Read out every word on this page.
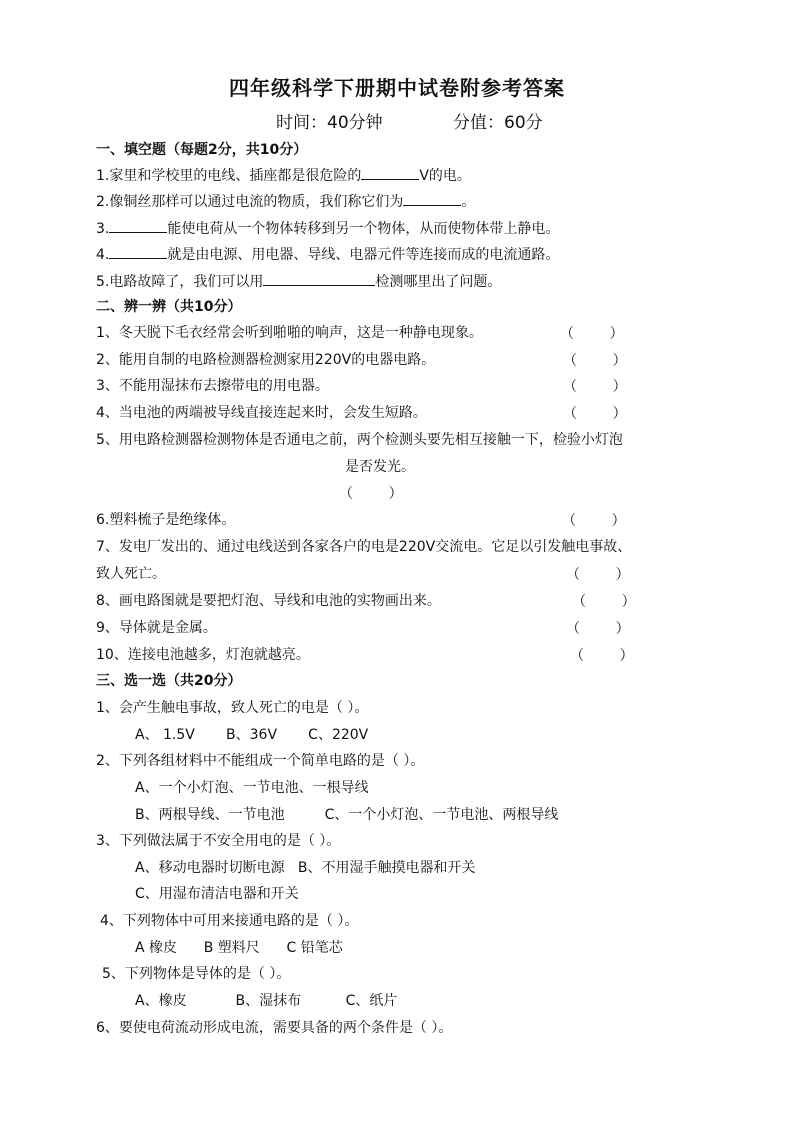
四年级科学下册期中试卷附参考答案
时间：40分钟	分值：60分
一、填空题（每题2分，共10分）
1.家里和学校里的电线、插座都是很危险的	V的电。
2.像铜丝那样可以通过电流的物质，我们称它们为	。
3.	能使电荷从一个物体转移到另一个物体，从而使物体带上静电。
4.	就是由电源、用电器、导线、电器元件等连接而成的电流通路。
5.电路故障了，我们可以用	检测哪里出了问题。
二、辨一辨（共10分）
1、冬天脱下毛衣经常会听到啪啪的响声，这是一种静电现象。	（        ）
2、能用自制的电路检测器检测家用220V的电器电路。	（        ）
3、不能用湿抹布去擦带电的用电器。	（        ）
4、当电池的两端被导线直接连起来时，会发生短路。	（        ）
5、用电路检测器检测物体是否通电之前，两个检测头要先相互接触一下，检验小灯泡
是否发光。
（        ）
6.塑料梳子是绝缘体。	（        ）
7、发电厂发出的、通过电线送到各家各户的电是220V交流电。它足以引发触电事故、
致人死亡。	（        ）
8、画电路图就是要把灯泡、导线和电池的实物画出来。	（        ）
9、导体就是金属。	（        ）
10、连接电池越多，灯泡就越亮。	（        ）
三、选一选（共20分）
1、会产生触电事故，致人死亡的电是（ ）。
A、 1.5V       B、36V       C、220V
2、下列各组材料中不能组成一个简单电路的是（ ）。
A、一个小灯泡、一节电池、一根导线
B、两根导线、一节电池         C、一个小灯泡、一节电池、两根导线
3、下列做法属于不安全用电的是（ ）。
A、移动电器时切断电源   B、不用湿手触摸电器和开关
C、用湿布清洁电器和开关
4、下列物体中可用来接通电路的是（ ）。
A 橡皮      B 塑料尺      C 铅笔芯
5、下列物体是导体的是（ ）。
A、橡皮           B、湿抹布          C、纸片
6、要使电荷流动形成电流，需要具备的两个条件是（ ）。
